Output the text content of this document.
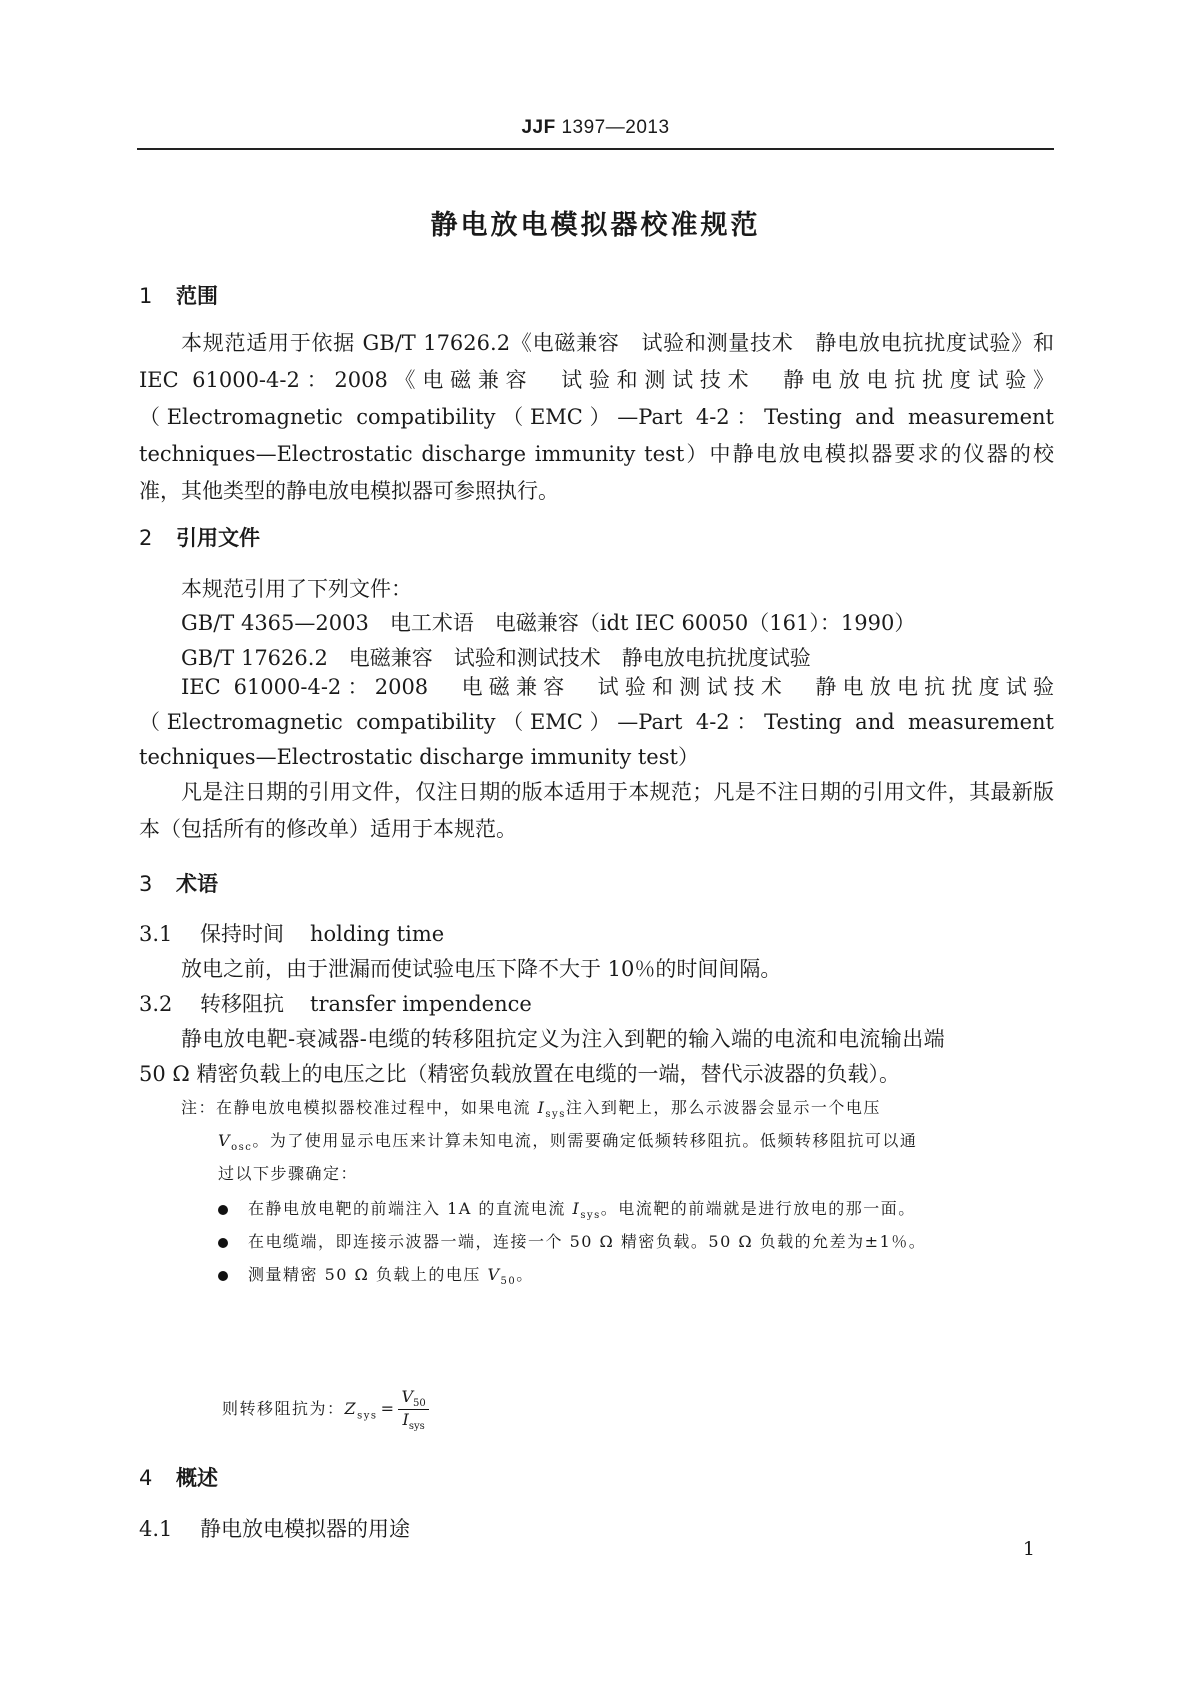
JJF 1397—2013
静电放电模拟器校准规范
1 范围

本规范适用于依据 GB/T 17626.2《电磁兼容　试验和测量技术　静电放电抗扰度试验》和 IEC 61000-4-2：2008《电磁兼容　试验和测试技术　静电放电抗扰度试验》（Electromagnetic compatibility（EMC）—Part 4-2：Testing and measurement techniques—Electrostatic discharge immunity test）中静电放电模拟器要求的仪器的校准，其他类型的静电放电模拟器可参照执行。

2 引用文件
本规范引用了下列文件：
GB/T 4365—2003　电工术语　电磁兼容（idt IEC 60050（161）：1990）
GB/T 17626.2　电磁兼容　试验和测试技术　静电放电抗扰度试验

IEC 61000-4-2：2008　电磁兼容　试验和测试技术　静电放电抗扰度试验（Electromagnetic compatibility（EMC）—Part 4-2：Testing and measurement techniques—Electrostatic discharge immunity test）

凡是注日期的引用文件，仅注日期的版本适用于本规范；凡是不注日期的引用文件，其最新版本（包括所有的修改单）适用于本规范。

3 术语
3.1 保持时间 holding time
放电之前，由于泄漏而使试验电压下降不大于 10％的时间间隔。
3.2 转移阻抗 transfer impendence
静电放电靶-衰减器-电缆的转移阻抗定义为注入到靶的输入端的电流和电流输出端
50 Ω 精密负载上的电压之比（精密负载放置在电缆的一端，替代示波器的负载）。
注：在静电放电模拟器校准过程中，如果电流 $I_{sys}$注入到靶上，那么示波器会显示一个电压
$V_{osc}$。为了使用显示电压来计算未知电流，则需要确定低频转移阻抗。低频转移阻抗可以通
过以下步骤确定：
在静电放电靶的前端注入 1A 的直流电流 $I_{sys}$。电流靶的前端就是进行放电的那一面。
在电缆端，即连接示波器一端，连接一个 50 Ω 精密负载。50 Ω 负载的允差为±1％。
测量精密 50 Ω 负载上的电压 $V_{50}$。
则转移阻抗为：$Z_{sys} = \frac{V_{50}}{I_{sys}}$
4 概述
4.1 静电放电模拟器的用途
1
